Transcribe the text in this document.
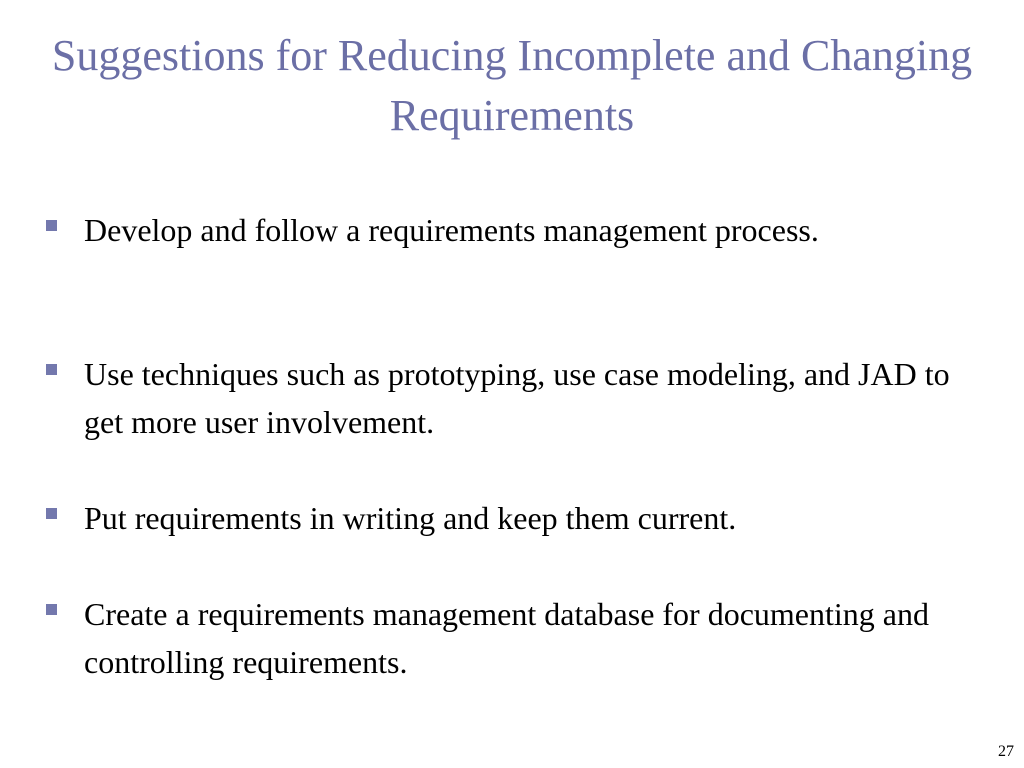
Suggestions for Reducing Incomplete and Changing Requirements
Develop and follow a requirements management process.
Use techniques such as prototyping, use case modeling, and JAD to get more user involvement.
Put requirements in writing and keep them current.
Create a requirements management database for documenting and controlling requirements.
27
